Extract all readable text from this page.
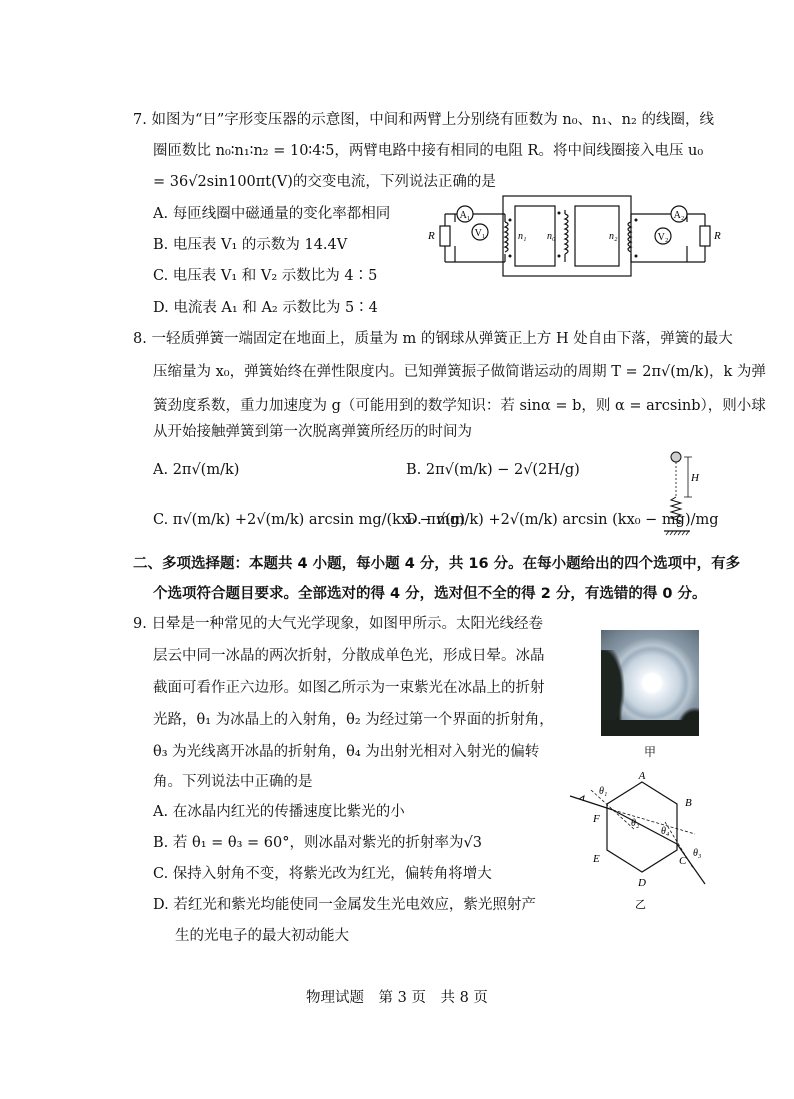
7. 如图为“日”字形变压器的示意图，中间和两臂上分别绕有匝数为 n₀、n₁、n₂ 的线圈，线
圈匝数比 n₀∶n₁∶n₂ = 10∶4∶5，两臂电路中接有相同的电阻 R。将中间线圈接入电压 u₀
= 36√2sin100πt(V)的交变电流，下列说法正确的是
A. 每匝线圈中磁通量的变化率都相同
B. 电压表 V₁ 的示数为 14.4V
C. 电压表 V₁ 和 V₂ 示数比为 4∶5
D. 电流表 A₁ 和 A₂ 示数比为 5∶4
A₁
V₁
A₂
V₂
R	R
n₁ n₀	n₂
8. 一轻质弹簧一端固定在地面上，质量为 m 的钢球从弹簧正上方 H 处自由下落，弹簧的最大
压缩量为 x₀，弹簧始终在弹性限度内。已知弹簧振子做简谐运动的周期 T = 2π√(m/k)，k 为弹
簧劲度系数，重力加速度为 g（可能用到的数学知识：若 sinα = b，则 α = arcsinb），则小球
从开始接触弹簧到第一次脱离弹簧所经历的时间为
A. 2π√(m/k)	B. 2π√(m/k) − 2√(2H/g)
C. π√(m/k) +2√(m/k) arcsin mg/(kx₀ − mg)
D. π√(m/k) +2√(m/k) arcsin (kx₀ − mg)/mg
H
二、多项选择题：本题共 4 小题，每小题 4 分，共 16 分。在每小题给出的四个选项中，有多
个选项符合题目要求。全部选对的得 4 分，选对但不全的得 2 分，有选错的得 0 分。
9. 日晕是一种常见的大气光学现象，如图甲所示。太阳光线经卷
层云中同一冰晶的两次折射，分散成单色光，形成日晕。冰晶
截面可看作正六边形。如图乙所示为一束紫光在冰晶上的折射
光路，θ₁ 为冰晶上的入射角，θ₂ 为经过第一个界面的折射角，
θ₃ 为光线离开冰晶的折射角，θ₄ 为出射光相对入射光的偏转
角。下列说法中正确的是
A. 在冰晶内红光的传播速度比紫光的小
B. 若 θ₁ = θ₃ = 60°，则冰晶对紫光的折射率为√3
C. 保持入射角不变，将紫光改为红光，偏转角将增大
D. 若红光和紫光均能使同一金属发生光电效应，紫光照射产
生的光电子的最大初动能大
甲
A
B
C
D
E
F
θ₁
θ₂
θ₃
θ₄
乙
物理试题　第 3 页　共 8 页
